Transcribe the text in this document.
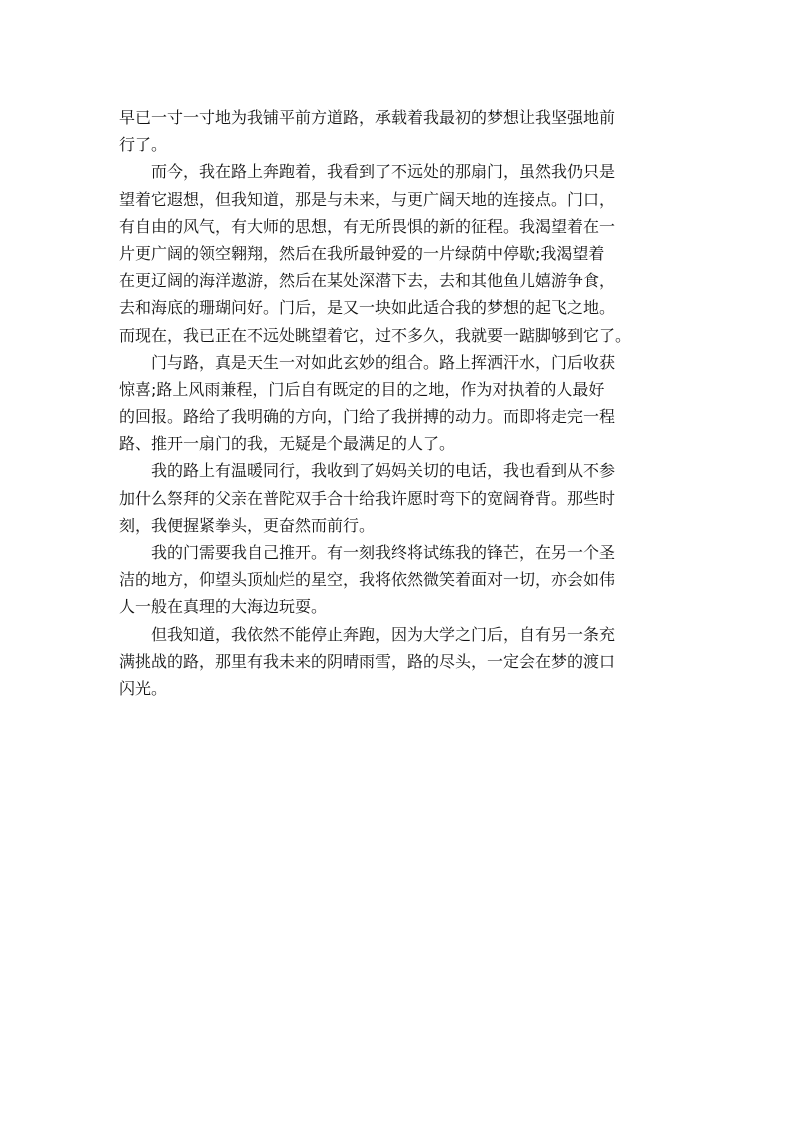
早已一寸一寸地为我铺平前方道路，承载着我最初的梦想让我坚强地前
行了。
而今，我在路上奔跑着，我看到了不远处的那扇门，虽然我仍只是
望着它遐想，但我知道，那是与未来，与更广阔天地的连接点。门口，
有自由的风气，有大师的思想，有无所畏惧的新的征程。我渴望着在一
片更广阔的领空翱翔，然后在我所最钟爱的一片绿荫中停歇;我渴望着
在更辽阔的海洋遨游，然后在某处深潜下去，去和其他鱼儿嬉游争食，
去和海底的珊瑚问好。门后，是又一块如此适合我的梦想的起飞之地。
而现在，我已正在不远处眺望着它，过不多久，我就要一踮脚够到它了。
门与路，真是天生一对如此玄妙的组合。路上挥洒汗水，门后收获
惊喜;路上风雨兼程，门后自有既定的目的之地，作为对执着的人最好
的回报。路给了我明确的方向，门给了我拼搏的动力。而即将走完一程
路、推开一扇门的我，无疑是个最满足的人了。
我的路上有温暖同行，我收到了妈妈关切的电话，我也看到从不参
加什么祭拜的父亲在普陀双手合十给我许愿时弯下的宽阔脊背。那些时
刻，我便握紧拳头，更奋然而前行。
我的门需要我自己推开。有一刻我终将试练我的锋芒，在另一个圣
洁的地方，仰望头顶灿烂的星空，我将依然微笑着面对一切，亦会如伟
人一般在真理的大海边玩耍。
但我知道，我依然不能停止奔跑，因为大学之门后，自有另一条充
满挑战的路，那里有我未来的阴晴雨雪，路的尽头，一定会在梦的渡口
闪光。
